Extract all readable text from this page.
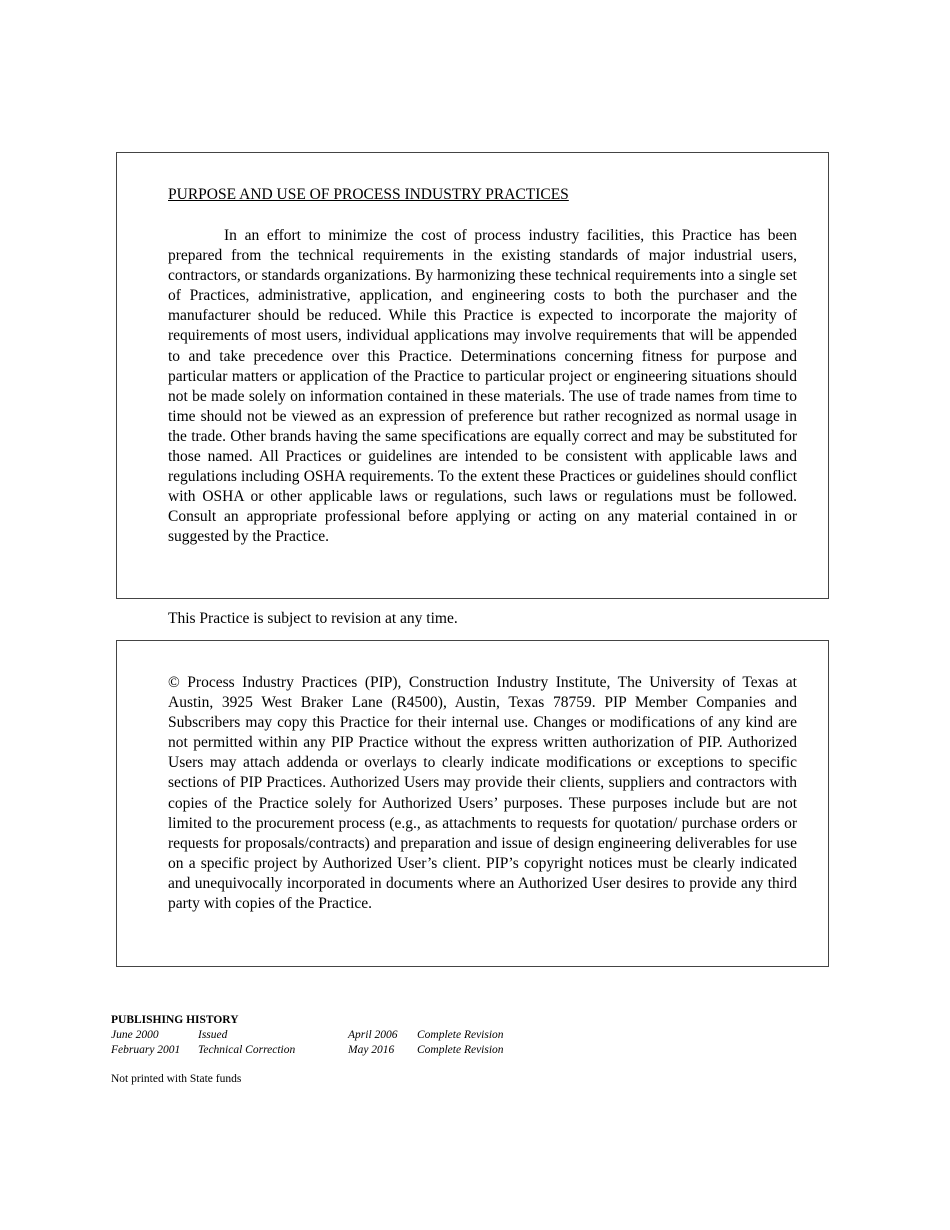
PURPOSE AND USE OF PROCESS INDUSTRY PRACTICES

In an effort to minimize the cost of process industry facilities, this Practice has been prepared from the technical requirements in the existing standards of major industrial users, contractors, or standards organizations. By harmonizing these technical requirements into a single set of Practices, administrative, application, and engineering costs to both the purchaser and the manufacturer should be reduced. While this Practice is expected to incorporate the majority of requirements of most users, individual applications may involve requirements that will be appended to and take precedence over this Practice. Determinations concerning fitness for purpose and particular matters or application of the Practice to particular project or engineering situations should not be made solely on information contained in these materials. The use of trade names from time to time should not be viewed as an expression of preference but rather recognized as normal usage in the trade. Other brands having the same specifications are equally correct and may be substituted for those named. All Practices or guidelines are intended to be consistent with applicable laws and regulations including OSHA requirements. To the extent these Practices or guidelines should conflict with OSHA or other applicable laws or regulations, such laws or regulations must be followed. Consult an appropriate professional before applying or acting on any material contained in or suggested by the Practice.

This Practice is subject to revision at any time.

© Process Industry Practices (PIP), Construction Industry Institute, The University of Texas at Austin, 3925 West Braker Lane (R4500), Austin, Texas 78759. PIP Member Companies and Subscribers may copy this Practice for their internal use. Changes or modifications of any kind are not permitted within any PIP Practice without the express written authorization of PIP. Authorized Users may attach addenda or overlays to clearly indicate modifications or exceptions to specific sections of PIP Practices. Authorized Users may provide their clients, suppliers and contractors with copies of the Practice solely for Authorized Users’ purposes. These purposes include but are not limited to the procurement process (e.g., as attachments to requests for quotation/ purchase orders or requests for proposals/contracts) and preparation and issue of design engineering deliverables for use on a specific project by Authorized User’s client. PIP’s copyright notices must be clearly indicated and unequivocally incorporated in documents where an Authorized User desires to provide any third party with copies of the Practice.

PUBLISHING HISTORY
June 2000	Issued	April 2006 Complete Revision
February 2001 Technical Correction	May 2016 Complete Revision
Not printed with State funds
